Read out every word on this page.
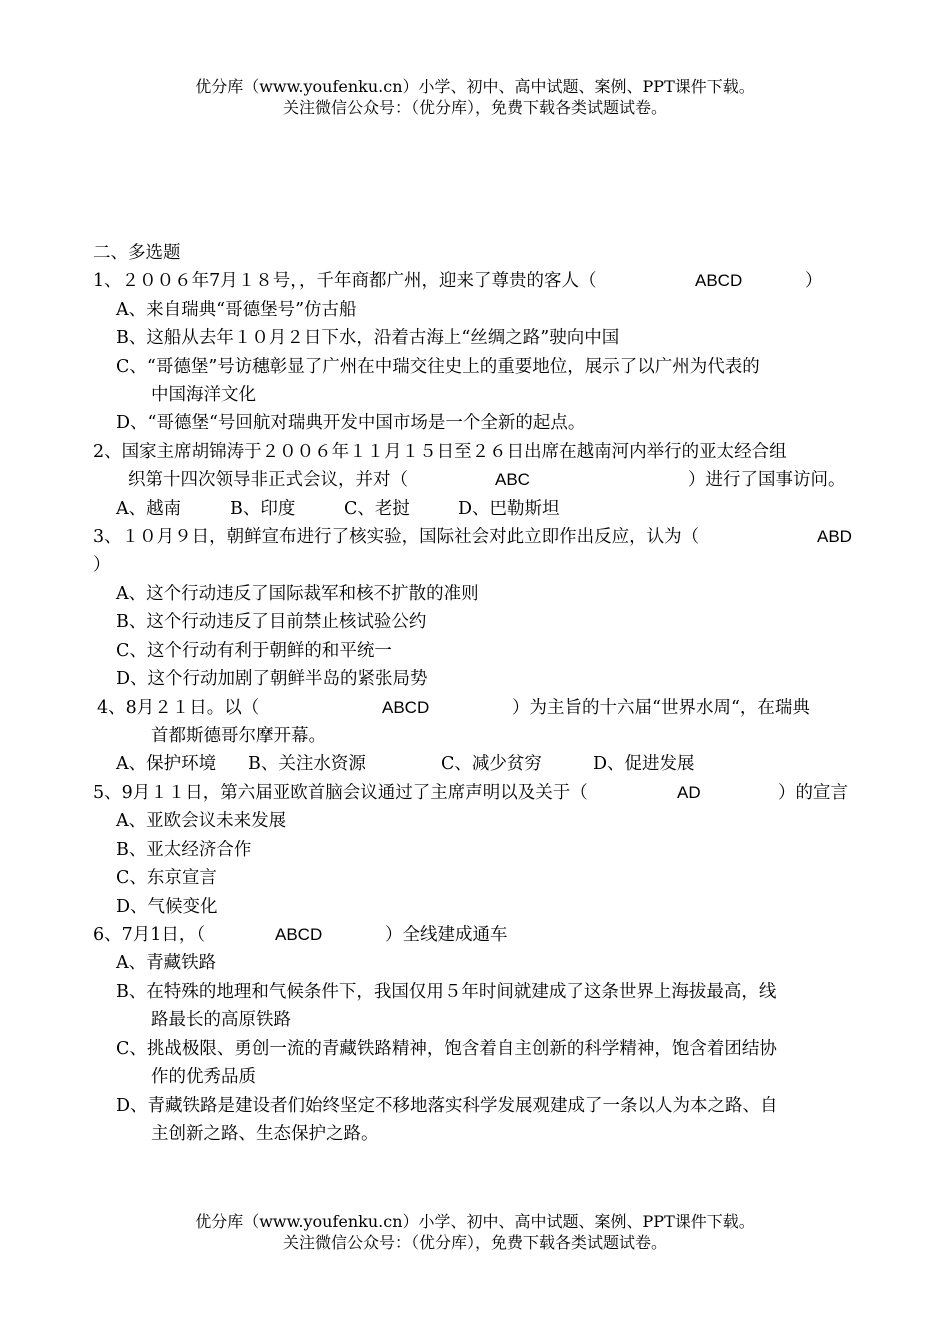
优分库（www.youfenku.cn）小学、初中、高中试题、案例、PPT课件下载。
关注微信公众号：（优分库），免费下载各类试题试卷。
二、多选题
1、２００６年7月１８号，，千年商都广州，迎来了尊贵的客人（	ABCD	）
A、来自瑞典“哥德堡号”仿古船
B、这船从去年１０月２日下水，沿着古海上“丝绸之路”驶向中国
C、“哥德堡”号访穗彰显了广州在中瑞交往史上的重要地位，展示了以广州为代表的
中国海洋文化
D、“哥德堡“号回航对瑞典开发中国市场是一个全新的起点。
2、国家主席胡锦涛于２００６年１１月１５日至２６日出席在越南河内举行的亚太经合组
织第十四次领导非正式会议，并对（	ABC	）进行了国事访问。
A、越南	B、印度	C、老挝	D、巴勒斯坦
3、１０月９日，朝鲜宣布进行了核实验，国际社会对此立即作出反应，认为（	ABD
）
A、这个行动违反了国际裁军和核不扩散的准则
B、这个行动违反了目前禁止核试验公约
C、这个行动有利于朝鲜的和平统一
D、这个行动加剧了朝鲜半岛的紧张局势
4、8月２１日。以（	ABCD	）为主旨的十六届“世界水周“，在瑞典
首都斯德哥尔摩开幕。
A、保护环境 B、关注水资源	C、减少贫穷	D、促进发展
5、9月１１日，第六届亚欧首脑会议通过了主席声明以及关于（	AD	）的宣言
A、亚欧会议未来发展
B、亚太经济合作
C、东京宣言
D、气候变化
6、7月1日，（	ABCD	）全线建成通车
A、青藏铁路
B、在特殊的地理和气候条件下，我国仅用５年时间就建成了这条世界上海拔最高，线
路最长的高原铁路
C、挑战极限、勇创一流的青藏铁路精神，饱含着自主创新的科学精神，饱含着团结协
作的优秀品质
D、青藏铁路是建设者们始终坚定不移地落实科学发展观建成了一条以人为本之路、自
主创新之路、生态保护之路。
优分库（www.youfenku.cn）小学、初中、高中试题、案例、PPT课件下载。
关注微信公众号：（优分库），免费下载各类试题试卷。
